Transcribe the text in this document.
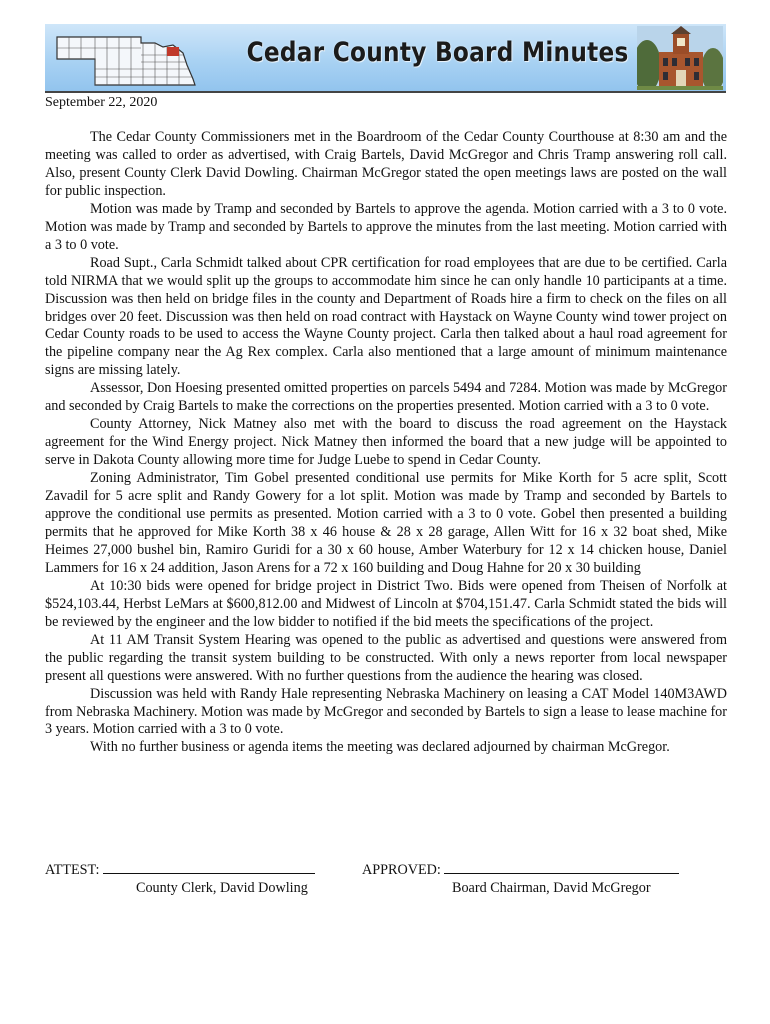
Cedar County Board Minutes
September 22, 2020

The Cedar County Commissioners met in the Boardroom of the Cedar County Courthouse at 8:30 am and the meeting was called to order as advertised, with Craig Bartels, David McGregor and Chris Tramp answering roll call. Also, present County Clerk David Dowling. Chairman McGregor stated the open meetings laws are posted on the wall for public inspection.

Motion was made by Tramp and seconded by Bartels to approve the agenda. Motion carried with a 3 to 0 vote. Motion was made by Tramp and seconded by Bartels to approve the minutes from the last meeting. Motion carried with a 3 to 0 vote.

Road Supt., Carla Schmidt talked about CPR certification for road employees that are due to be certified. Carla told NIRMA that we would split up the groups to accommodate him since he can only handle 10 participants at a time. Discussion was then held on bridge files in the county and Department of Roads hire a firm to check on the files on all bridges over 20 feet. Discussion was then held on road contract with Haystack on Wayne County wind tower project on Cedar County roads to be used to access the Wayne County project. Carla then talked about a haul road agreement for the pipeline company near the Ag Rex complex. Carla also mentioned that a large amount of minimum maintenance signs are missing lately.

Assessor, Don Hoesing presented omitted properties on parcels 5494 and 7284. Motion was made by McGregor and seconded by Craig Bartels to make the corrections on the properties presented. Motion carried with a 3 to 0 vote.

County Attorney, Nick Matney also met with the board to discuss the road agreement on the Haystack agreement for the Wind Energy project. Nick Matney then informed the board that a new judge will be appointed to serve in Dakota County allowing more time for Judge Luebe to spend in Cedar County.

Zoning Administrator, Tim Gobel presented conditional use permits for Mike Korth for 5 acre split, Scott Zavadil for 5 acre split and Randy Gowery for a lot split. Motion was made by Tramp and seconded by Bartels to approve the conditional use permits as presented. Motion carried with a 3 to 0 vote. Gobel then presented a building permits that he approved for Mike Korth 38 x 46 house & 28 x 28 garage, Allen Witt for 16 x 32 boat shed, Mike Heimes 27,000 bushel bin, Ramiro Guridi for a 30 x 60 house, Amber Waterbury for 12 x 14 chicken house, Daniel Lammers for 16 x 24 addition, Jason Arens for a 72 x 160 building and Doug Hahne for 20 x 30 building

At 10:30 bids were opened for bridge project in District Two. Bids were opened from Theisen of Norfolk at $524,103.44, Herbst LeMars at $600,812.00 and Midwest of Lincoln at $704,151.47. Carla Schmidt stated the bids will be reviewed by the engineer and the low bidder to notified if the bid meets the specifications of the project.

At 11 AM Transit System Hearing was opened to the public as advertised and questions were answered from the public regarding the transit system building to be constructed. With only a news reporter from local newspaper present all questions were answered. With no further questions from the audience the hearing was closed.

Discussion was held with Randy Hale representing Nebraska Machinery on leasing a CAT Model 140M3AWD from Nebraska Machinery. Motion was made by McGregor and seconded by Bartels to sign a lease to lease machine for 3 years. Motion carried with a 3 to 0 vote.

With no further business or agenda items the meeting was declared adjourned by chairman McGregor.

ATTEST:
County Clerk, David Dowling
APPROVED:
Board Chairman, David McGregor
